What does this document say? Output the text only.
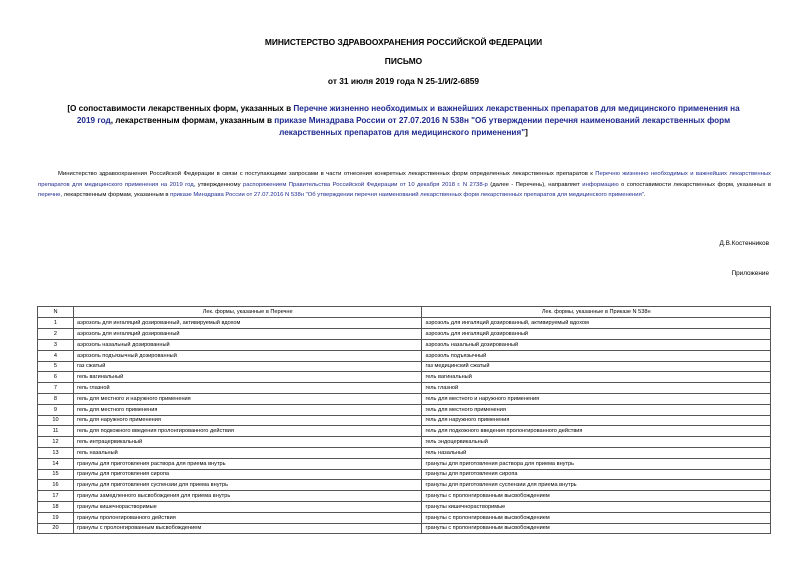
МИНИСТЕРСТВО ЗДРАВООХРАНЕНИЯ РОССИЙСКОЙ ФЕДЕРАЦИИ
ПИСЬМО
от 31 июля 2019 года N 25-1/И/2-6859
[О сопоставимости лекарственных форм, указанных в Перечне жизненно необходимых и важнейших лекарственных препаратов для медицинского применения на 2019 год, лекарственным формам, указанным в приказе Минздрава России от 27.07.2016 N 538н "Об утверждении перечня наименований лекарственных форм лекарственных препаратов для медицинского применения"]
Министерство здравоохранения Российской Федерации в связи с поступающими запросами в части отнесения конкретных лекарственных форм определенных лекарственных препаратов к Перечню жизненно необходимых и важнейших лекарственных препаратов для медицинского применения на 2019 год, утвержденному распоряжением Правительства Российской Федерации от 10 декабря 2018 г. N 2738-р (далее - Перечень), направляет информацию о сопоставимости лекарственных форм, указанных в перечне, лекарственным формам, указанным в приказе Минздрава России от 27.07.2016 N 538н "Об утверждении перечня наименований лекарственных форм лекарственных препаратов для медицинского применения".
Д.В.Костенников
Приложение
N	Лек. формы, указанные в Перечне	Лек. формы, указанные в Приказе N 538н
1	аэрозоль для ингаляций дозированный, активируемый вдохом	аэрозоль для ингаляций дозированный, активируемый вдохом
2	аэрозоль для ингаляций дозированный	аэрозоль для ингаляций дозированный
3	аэрозоль назальный дозированный	аэрозоль назальный дозированный
4	аэрозоль подъязычный дозированный	аэрозоль подъязычный
5	газ сжатый	газ медицинский сжатый
6	гель вагинальный	гель вагинальный
7	гель глазной	гель глазной
8	гель для местного и наружного применения	гель для местного и наружного применения
9	гель для местного применения	гель для местного применения
10	гель для наружного применения	гель для наружного применения
11	гель для подкожного введения пролонгированного действия	гель для подкожного введения пролонгированного действия
12	гель интрацервикальный	гель эндоцервикальный
13	гель назальный	гель назальный
14	гранулы для приготовления раствора для приема внутрь	гранулы для приготовления раствора для приема внутрь
15	гранулы для приготовления сиропа	гранулы для приготовления сиропа
16	гранулы для приготовления суспензии для приема внутрь	гранулы для приготовления суспензии для приема внутрь
17	гранулы замедленного высвобождения для приема внутрь	гранулы с пролонгированным высвобождением
18	гранулы кишечнорастворимые	гранулы кишечнорастворимые
19	гранулы пролонгированного действия	гранулы с пролонгированным высвобождением
20	гранулы с пролонгированным высвобождением	гранулы с пролонгированным высвобождением
